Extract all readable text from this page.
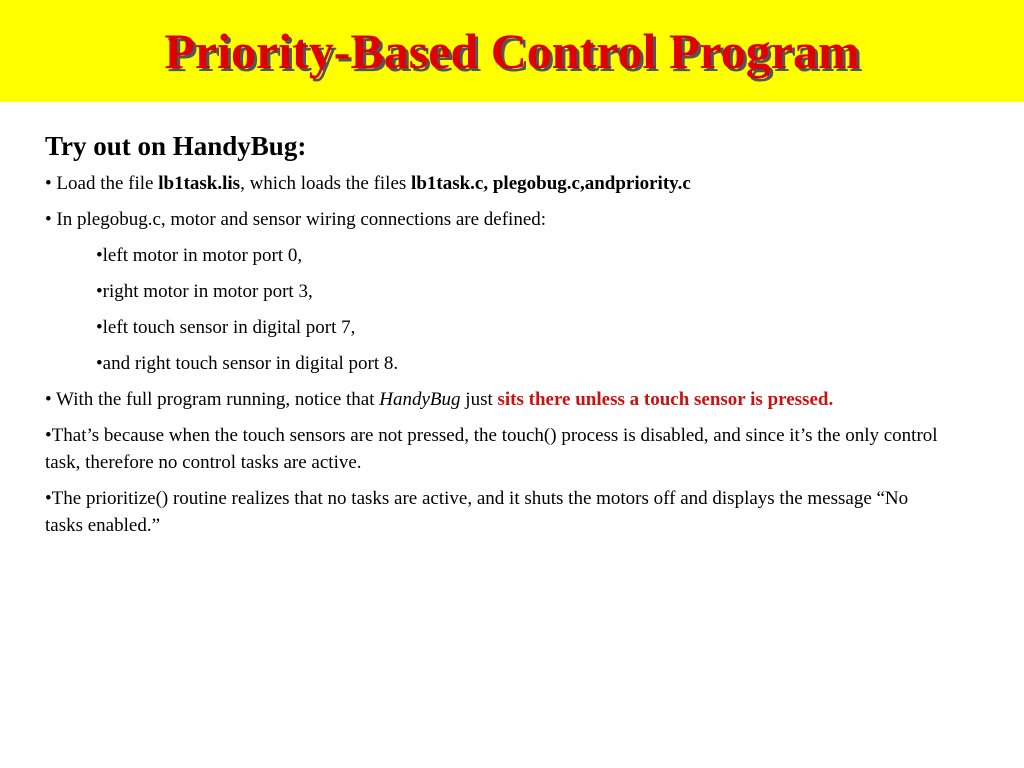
Priority-Based Control Program
Try out on HandyBug:
• Load the file lb1task.lis, which loads the files lb1task.c, plegobug.c,andpriority.c
• In plegobug.c, motor and sensor wiring connections are defined:
•left motor in motor port 0,
•right motor in motor port 3,
•left touch sensor in digital port 7,
•and right touch sensor in digital port 8.
• With the full program running, notice that HandyBug just sits there unless a touch sensor is pressed.
•That’s because when the touch sensors are not pressed, the touch() process is disabled, and since it’s the only control task, therefore no control tasks are active.
•The prioritize() routine realizes that no tasks are active, and it shuts the motors off and displays the message “No tasks enabled.”
